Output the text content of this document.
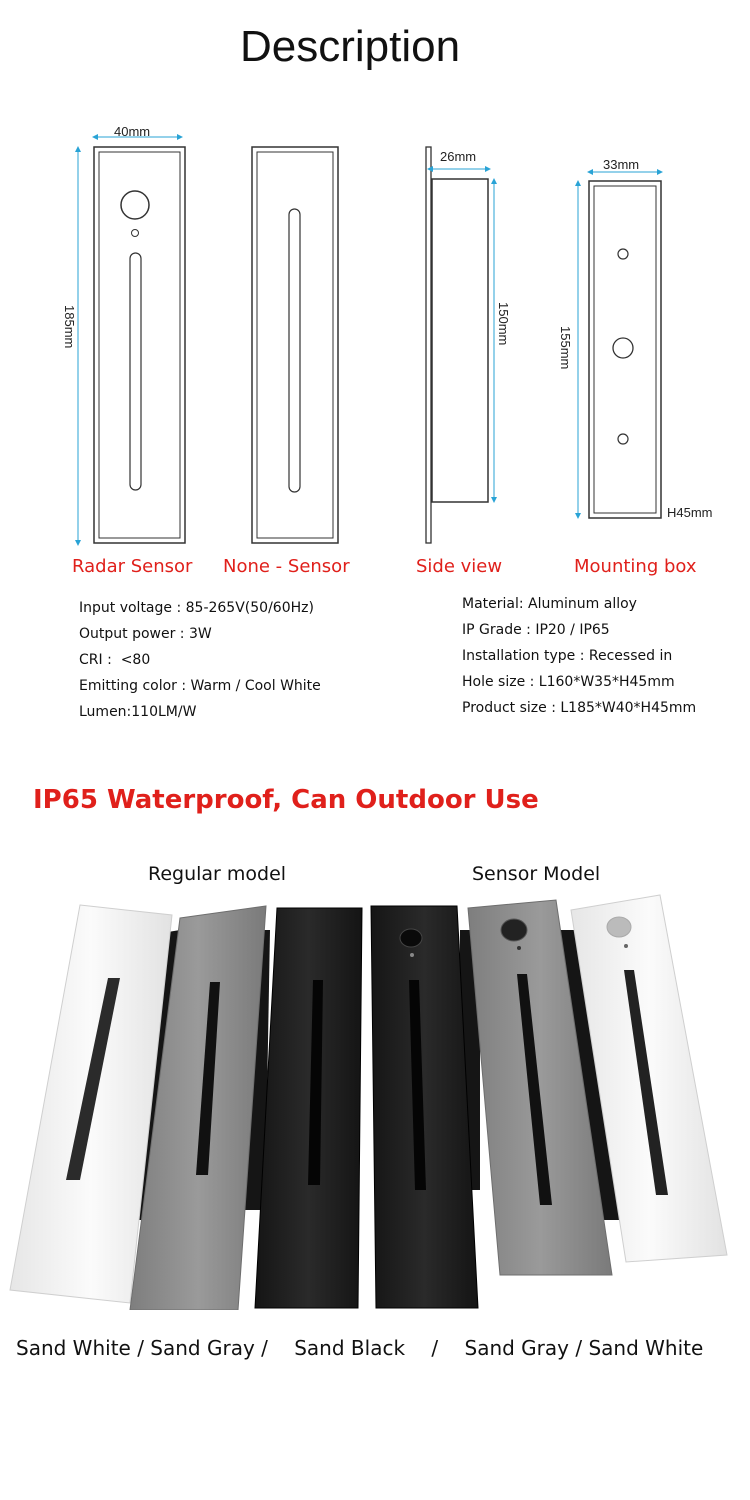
Description
40mm
185mm
26mm
150mm
33mm
155mm
H45mm
Radar Sensor None - Sensor	Side view	Mounting box
Input voltage : 85-265V(50/60Hz)
Output power : 3W
CRI :  <80
Emitting color : Warm / Cool White
Lumen:110LM/W
Material: Aluminum alloy
IP Grade : IP20 / IP65
Installation type : Recessed in
Hole size : L160*W35*H45mm
Product size : L185*W40*H45mm
IP65 Waterproof, Can Outdoor Use
Regular model	Sensor Model
Sand White / Sand Gray / Sand Black / Sand Gray / Sand White
